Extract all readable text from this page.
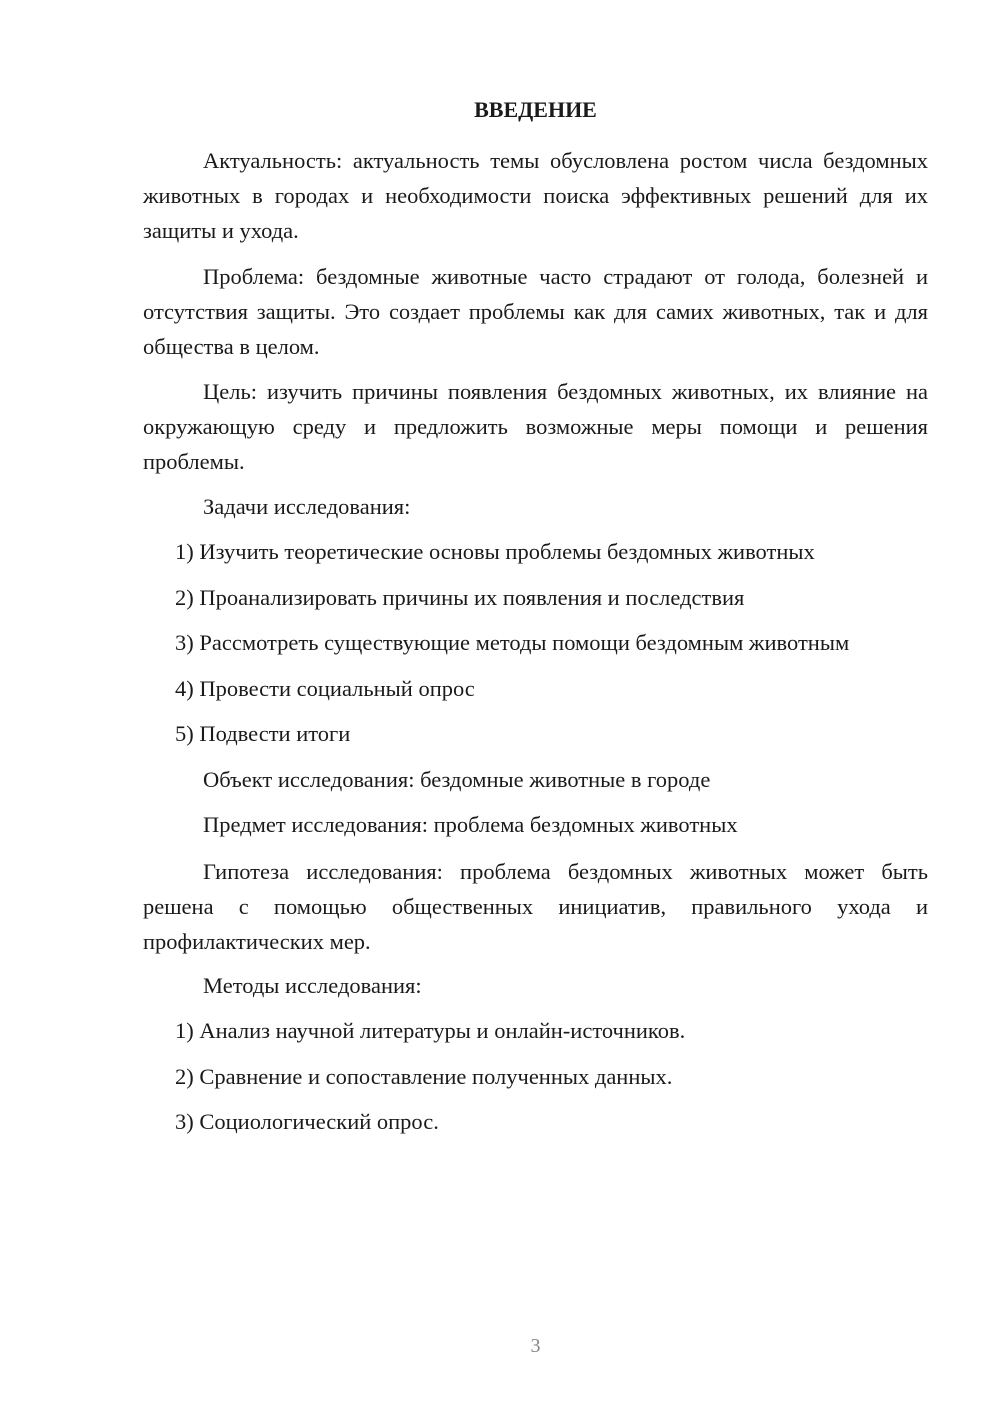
ВВЕДЕНИЕ

Актуальность: актуальность темы обусловлена ростом числа бездомных животных в городах и необходимости поиска эффективных решений для их защиты и ухода.

Проблема: бездомные животные часто страдают от голода, болезней и отсутствия защиты. Это создает проблемы как для самих животных, так и для общества в целом.

Цель: изучить причины появления бездомных животных, их влияние на окружающую среду и предложить возможные меры помощи и решения проблемы.

Задачи исследования:
1) Изучить теоретические основы проблемы бездомных животных
2) Проанализировать причины их появления и последствия
3) Рассмотреть существующие методы помощи бездомным животным
4) Провести социальный опрос
5) Подвести итоги
Объект исследования: бездомные животные в городе
Предмет исследования: проблема бездомных животных

Гипотеза исследования: проблема бездомных животных может быть решена с помощью общественных инициатив, правильного ухода и профилактических мер.

Методы исследования:
1) Анализ научной литературы и онлайн-источников.
2) Сравнение и сопоставление полученных данных.
3) Социологический опрос.
3
